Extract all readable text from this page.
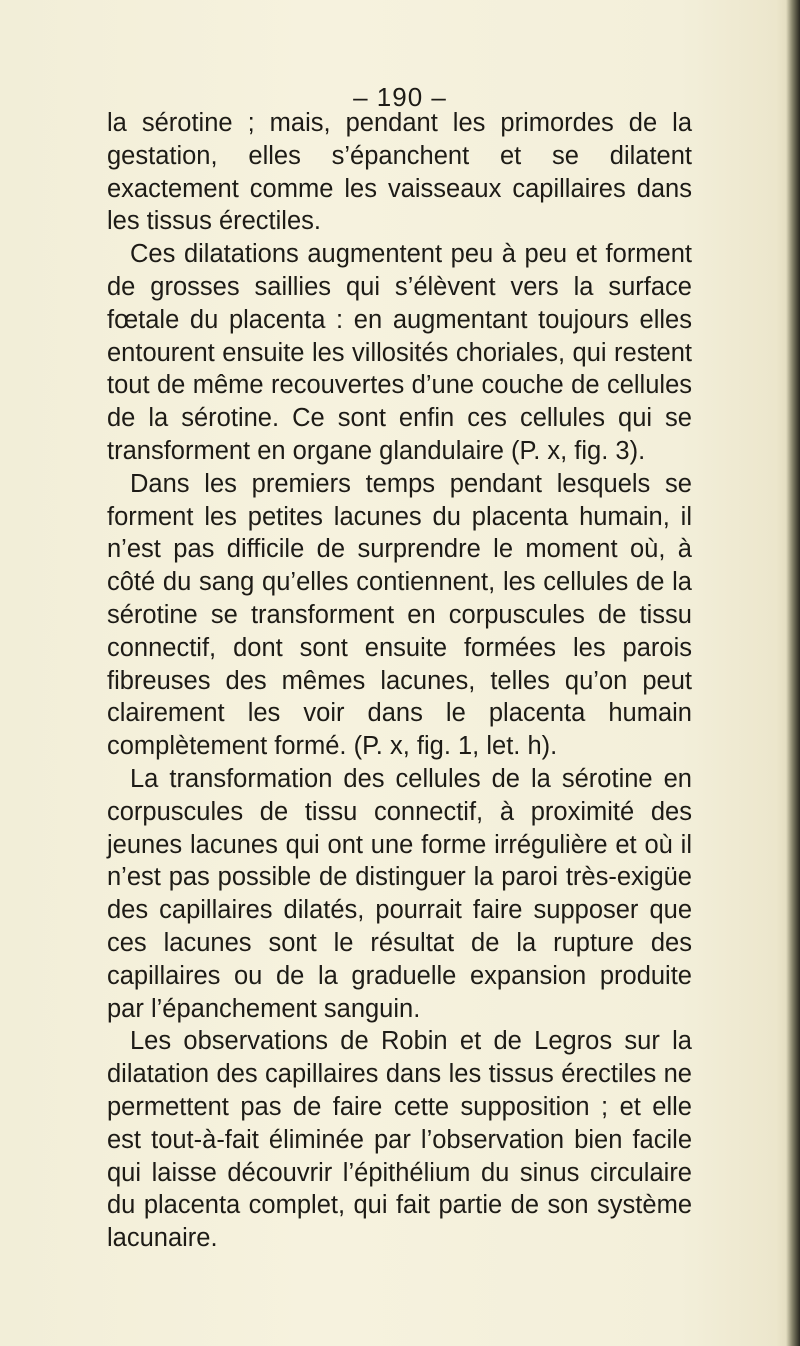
– 190 –

la sérotine ; mais, pendant les primordes de la gestation, elles s’épanchent et se dilatent exactement comme les vaisseaux capillaires dans les tissus érectiles.

Ces dilatations augmentent peu à peu et forment de grosses saillies qui s’élèvent vers la surface fœtale du placenta : en augmentant toujours elles entourent ensuite les villosités choriales, qui restent tout de même recouvertes d’une couche de cellules de la sérotine. Ce sont enfin ces cellules qui se transforment en organe glandulaire (P. x, fig. 3).

Dans les premiers temps pendant lesquels se forment les petites lacunes du placenta humain, il n’est pas difficile de surprendre le moment où, à côté du sang qu’elles contiennent, les cellules de la sérotine se transforment en corpuscules de tissu connectif, dont sont ensuite formées les parois fibreuses des mêmes lacunes, telles qu’on peut clairement les voir dans le placenta humain complètement formé. (P. x, fig. 1, let. h).

La transformation des cellules de la sérotine en corpuscules de tissu connectif, à proximité des jeunes lacunes qui ont une forme irrégulière et où il n’est pas possible de distinguer la paroi très-exigüe des capillaires dilatés, pourrait faire supposer que ces lacunes sont le résultat de la rupture des capillaires ou de la graduelle expansion produite par l’épanchement sanguin.

Les observations de Robin et de Legros sur la dilatation des capillaires dans les tissus érectiles ne permettent pas de faire cette supposition ; et elle est tout-à-fait éliminée par l’observation bien facile qui laisse découvrir l’épithélium du sinus circulaire du placenta complet, qui fait partie de son système lacunaire.
